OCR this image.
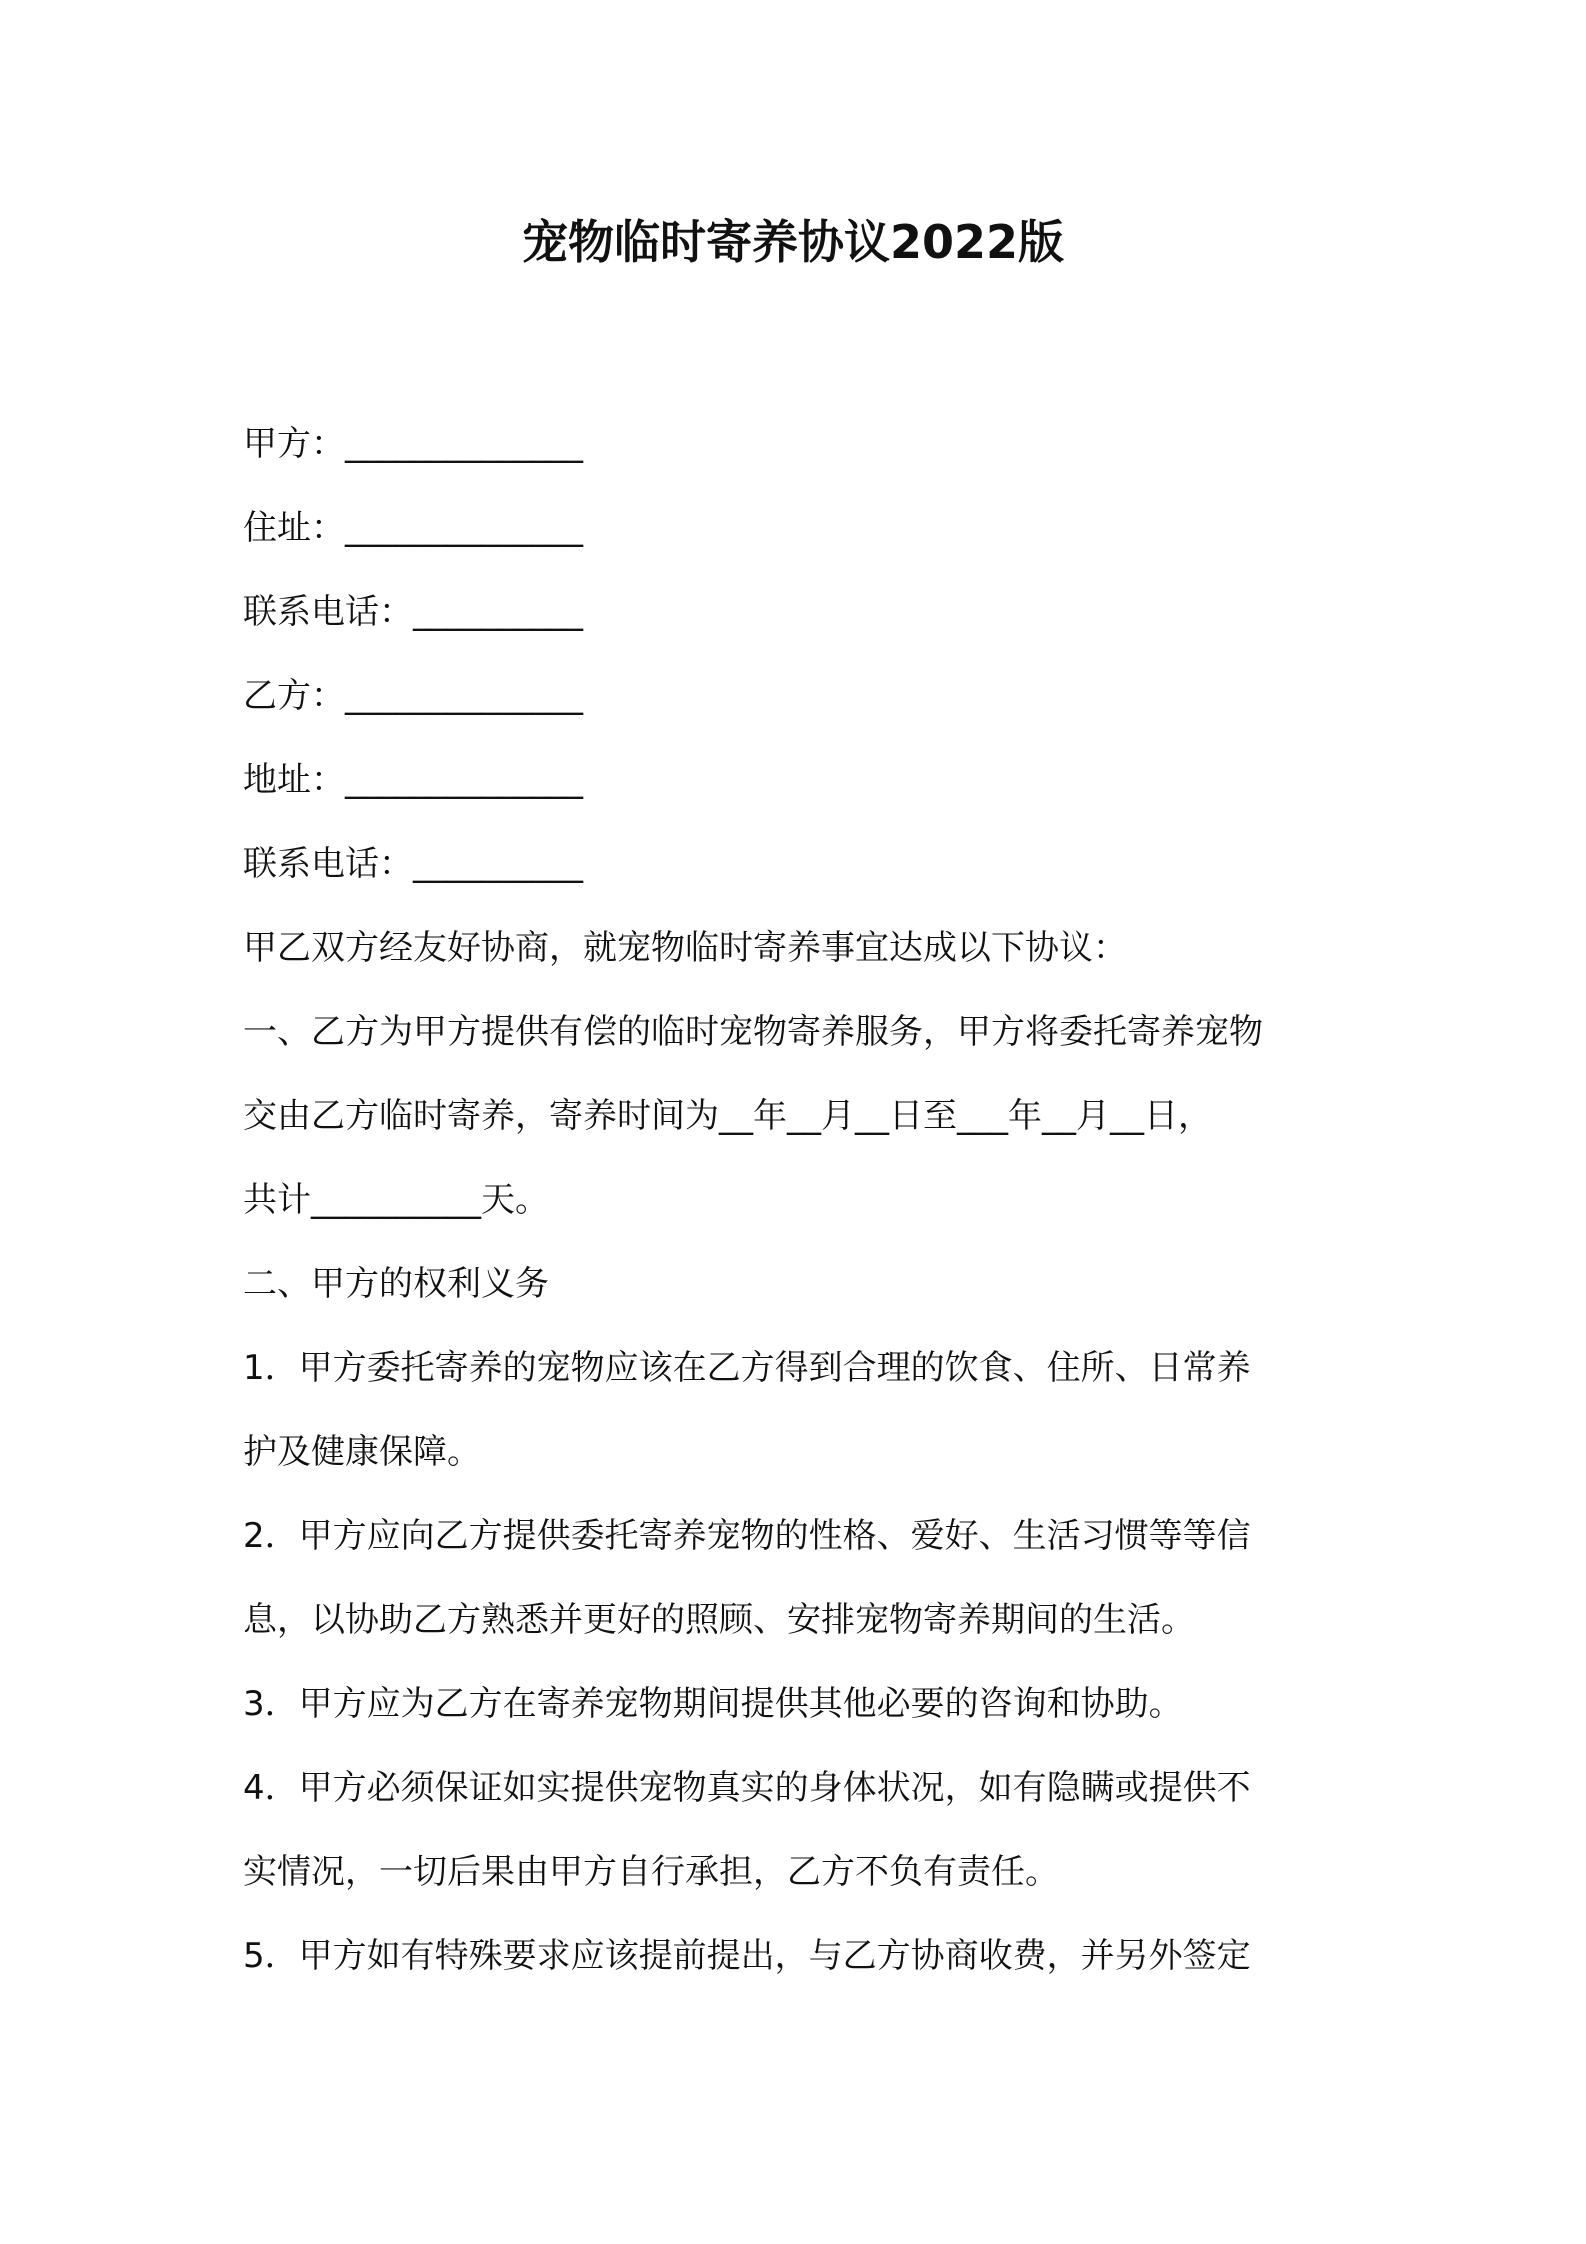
宠物临时寄养协议2022版
甲方：______________
住址：______________
联系电话：__________
乙方：______________
地址：______________
联系电话：__________
甲乙双方经友好协商，就宠物临时寄养事宜达成以下协议：
一、乙方为甲方提供有偿的临时宠物寄养服务，甲方将委托寄养宠物
交由乙方临时寄养，寄养时间为__年__月__日至___年__月__日，
共计__________天。
二、甲方的权利义务
1．甲方委托寄养的宠物应该在乙方得到合理的饮食、住所、日常养
护及健康保障。
2．甲方应向乙方提供委托寄养宠物的性格、爱好、生活习惯等等信
息，以协助乙方熟悉并更好的照顾、安排宠物寄养期间的生活。
3．甲方应为乙方在寄养宠物期间提供其他必要的咨询和协助。
4．甲方必须保证如实提供宠物真实的身体状况，如有隐瞒或提供不
实情况，一切后果由甲方自行承担，乙方不负有责任。
5．甲方如有特殊要求应该提前提出，与乙方协商收费，并另外签定
